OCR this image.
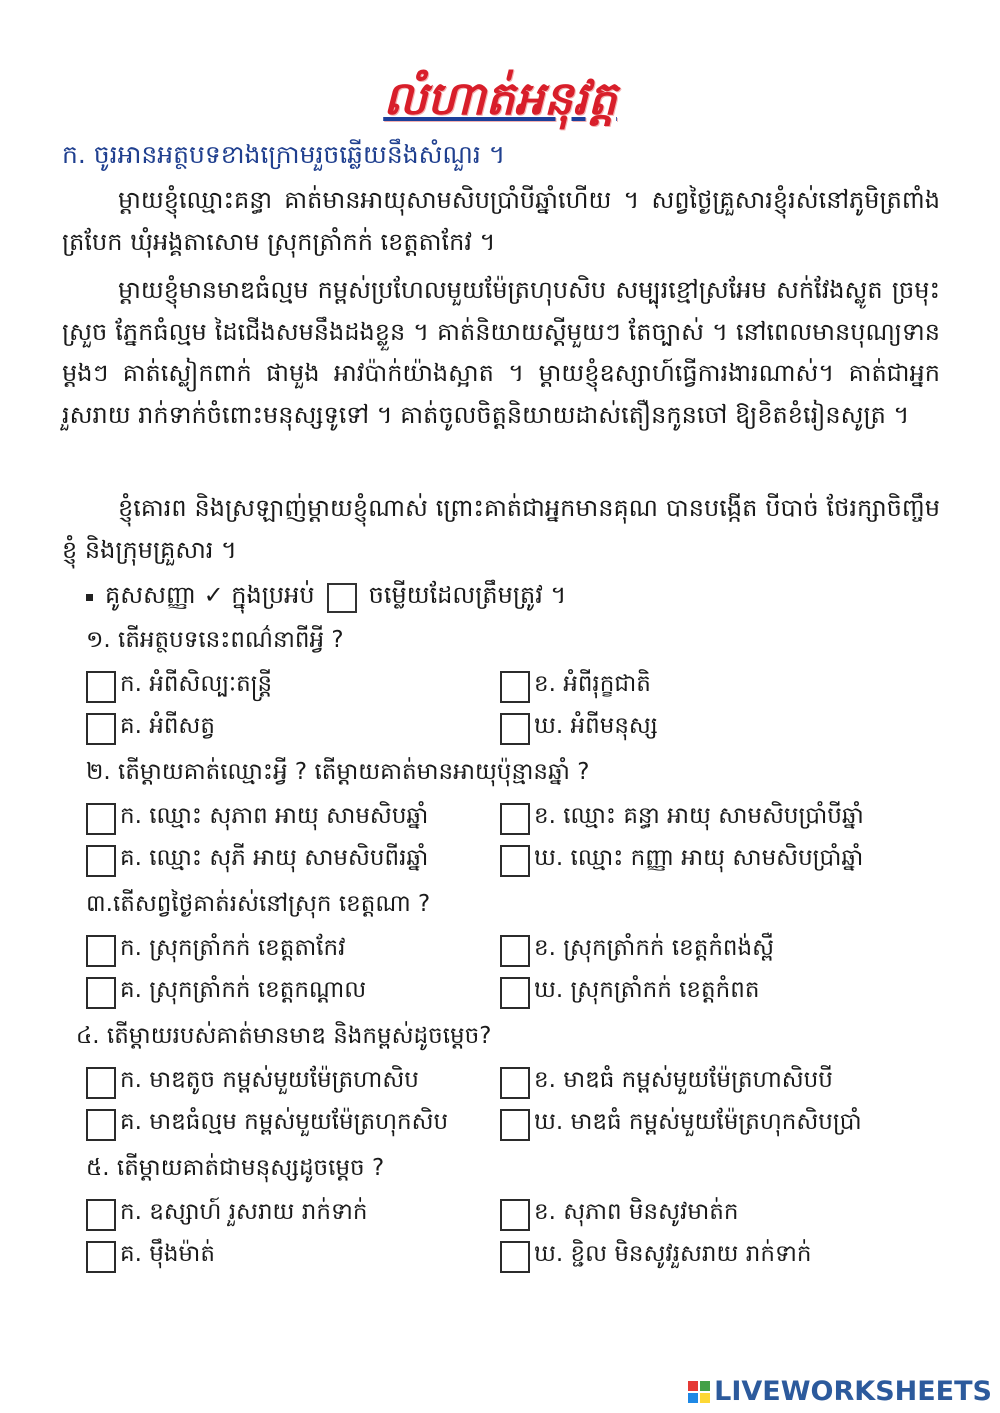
លំហាត់អនុវត្ត
ក. ចូរអានអត្ថបទខាងក្រោមរួចឆ្លើយនឹងសំណួរ ។
ម្តាយខ្ញុំឈ្មោះគន្ធា គាត់មានអាយុសាមសិបប្រាំបីឆ្នាំហើយ ។ សព្វថ្ងៃគ្រួសារខ្ញុំរស់នៅភូមិត្រពាំងត្របែក ឃុំអង្គតាសោម ស្រុកត្រាំកក់ ខេត្តតាកែវ ។
ម្តាយខ្ញុំមានមាឌធំល្មម កម្ពស់ប្រហែលមួយម៉ែត្រហុបសិប សម្បុរខ្មៅស្រអែម សក់វែងស្លូត ច្រមុះស្រួច ភ្នែកធំល្មម ដៃជើងសមនឹងដងខ្លួន ។ គាត់និយាយស្តីមួយៗ តែច្បាស់ ។ នៅពេលមានបុណ្យទានម្តងៗ គាត់ស្លៀកពាក់ ផាមួង អាវប៉ាក់យ៉ាងស្អាត ។ ម្តាយខ្ញុំឧស្សាហ៍ធ្វើការងារណាស់។ គាត់ជាអ្នករួសរាយ រាក់ទាក់ចំពោះមនុស្សទូទៅ ។ គាត់ចូលចិត្តនិយាយដាស់តឿនកូនចៅ ឱ្យខិតខំរៀនសូត្រ ។
ខ្ញុំគោរព និងស្រឡាញ់ម្តាយខ្ញុំណាស់ ព្រោះគាត់ជាអ្នកមានគុណ បានបង្កើត បីបាច់ ថែរក្សាចិញ្ចឹមខ្ញុំ និងក្រុមគ្រួសារ ។
គូសសញ្ញា ✓ ក្នុងប្រអប់ ចម្លើយដែលត្រឹមត្រូវ ។
១. តើអត្ថបទនេះពណ៌នាពីអ្វី ?
ក. អំពីសិល្បៈតន្ត្រី	ខ. អំពីរុក្ខជាតិ
គ. អំពីសត្វ	ឃ. អំពីមនុស្ស
២. តើម្តាយគាត់ឈ្មោះអ្វី ? តើម្តាយគាត់មានអាយុប៉ុន្មានឆ្នាំ ?
ក. ឈ្មោះ សុភាព អាយុ សាមសិបឆ្នាំ	ខ. ឈ្មោះ គន្ធា អាយុ សាមសិបប្រាំបីឆ្នាំ
គ. ឈ្មោះ សុភី អាយុ សាមសិបពីរឆ្នាំ	ឃ. ឈ្មោះ កញ្ញា អាយុ សាមសិបប្រាំឆ្នាំ
៣.តើសព្វថ្ងៃគាត់រស់នៅស្រុក ខេត្តណា ?
ក. ស្រុកត្រាំកក់ ខេត្តតាកែវ	ខ. ស្រុកត្រាំកក់ ខេត្តកំពង់ស្ពឺ
គ. ស្រុកត្រាំកក់ ខេត្តកណ្តាល	ឃ. ស្រុកត្រាំកក់ ខេត្តកំពត
៤. តើម្តាយរបស់គាត់មានមាឌ និងកម្ពស់ដូចម្តេច?
ក. មាឌតូច កម្ពស់មួយម៉ែត្រហាសិប	ខ. មាឌធំ កម្ពស់មួយម៉ែត្រហាសិបបី
គ. មាឌធំល្មម កម្ពស់មួយម៉ែត្រហុកសិប	ឃ. មាឌធំ កម្ពស់មួយម៉ែត្រហុកសិបប្រាំ
៥. តើម្តាយគាត់ជាមនុស្សដូចម្តេច ?
ក. ឧស្សាហ៍ រួសរាយ រាក់ទាក់	ខ. សុភាព មិនសូវមាត់ក
គ. មុឹងម៉ាត់	ឃ. ខ្ជិល មិនសូវរួសរាយ រាក់ទាក់
LIVEWORKSHEETS
